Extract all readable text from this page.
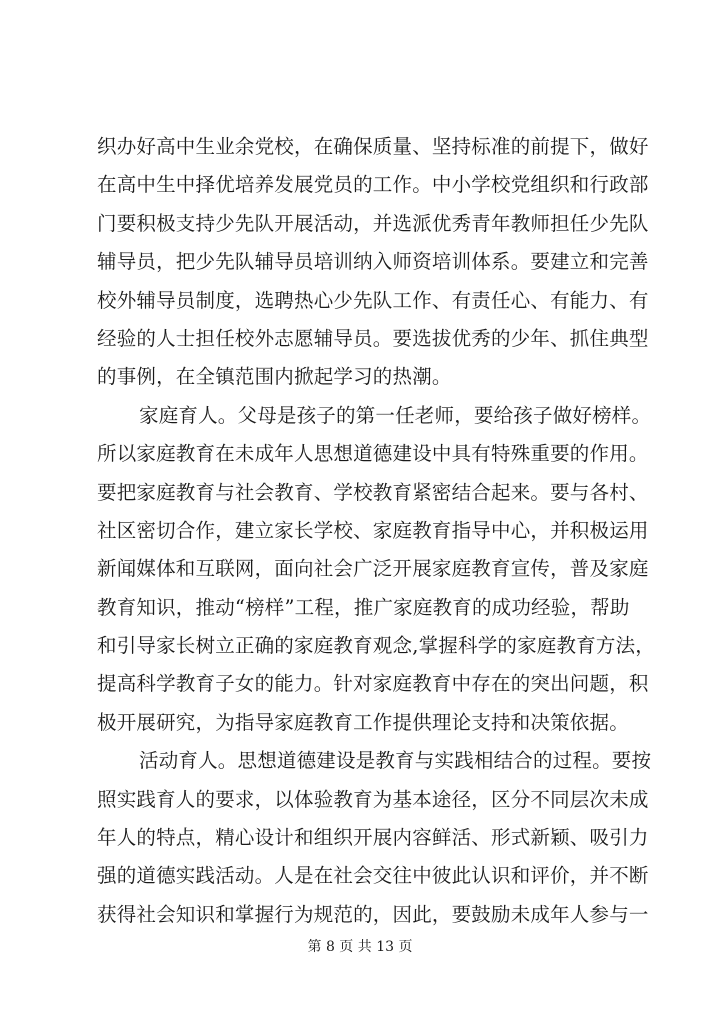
织办好高中生业余党校，在确保质量、坚持标准的前提下，做好
在高中生中择优培养发展党员的工作。中小学校党组织和行政部
门要积极支持少先队开展活动，并选派优秀青年教师担任少先队
辅导员，把少先队辅导员培训纳入师资培训体系。要建立和完善
校外辅导员制度，选聘热心少先队工作、有责任心、有能力、有
经验的人士担任校外志愿辅导员。要选拔优秀的少年、抓住典型
的事例，在全镇范围内掀起学习的热潮。
家庭育人。父母是孩子的第一任老师，要给孩子做好榜样。
所以家庭教育在未成年人思想道德建设中具有特殊重要的作用。
要把家庭教育与社会教育、学校教育紧密结合起来。要与各村、
社区密切合作，建立家长学校、家庭教育指导中心，并积极运用
新闻媒体和互联网，面向社会广泛开展家庭教育宣传，普及家庭
教育知识，推动“榜样”工程，推广家庭教育的成功经验，帮助
和引导家长树立正确的家庭教育观念,掌握科学的家庭教育方法，
提高科学教育子女的能力。针对家庭教育中存在的突出问题，积
极开展研究，为指导家庭教育工作提供理论支持和决策依据。
活动育人。思想道德建设是教育与实践相结合的过程。要按
照实践育人的要求，以体验教育为基本途径，区分不同层次未成
年人的特点，精心设计和组织开展内容鲜活、形式新颖、吸引力
强的道德实践活动。人是在社会交往中彼此认识和评价，并不断
获得社会知识和掌握行为规范的，因此，要鼓励未成年人参与一
第 8 页 共 13 页
